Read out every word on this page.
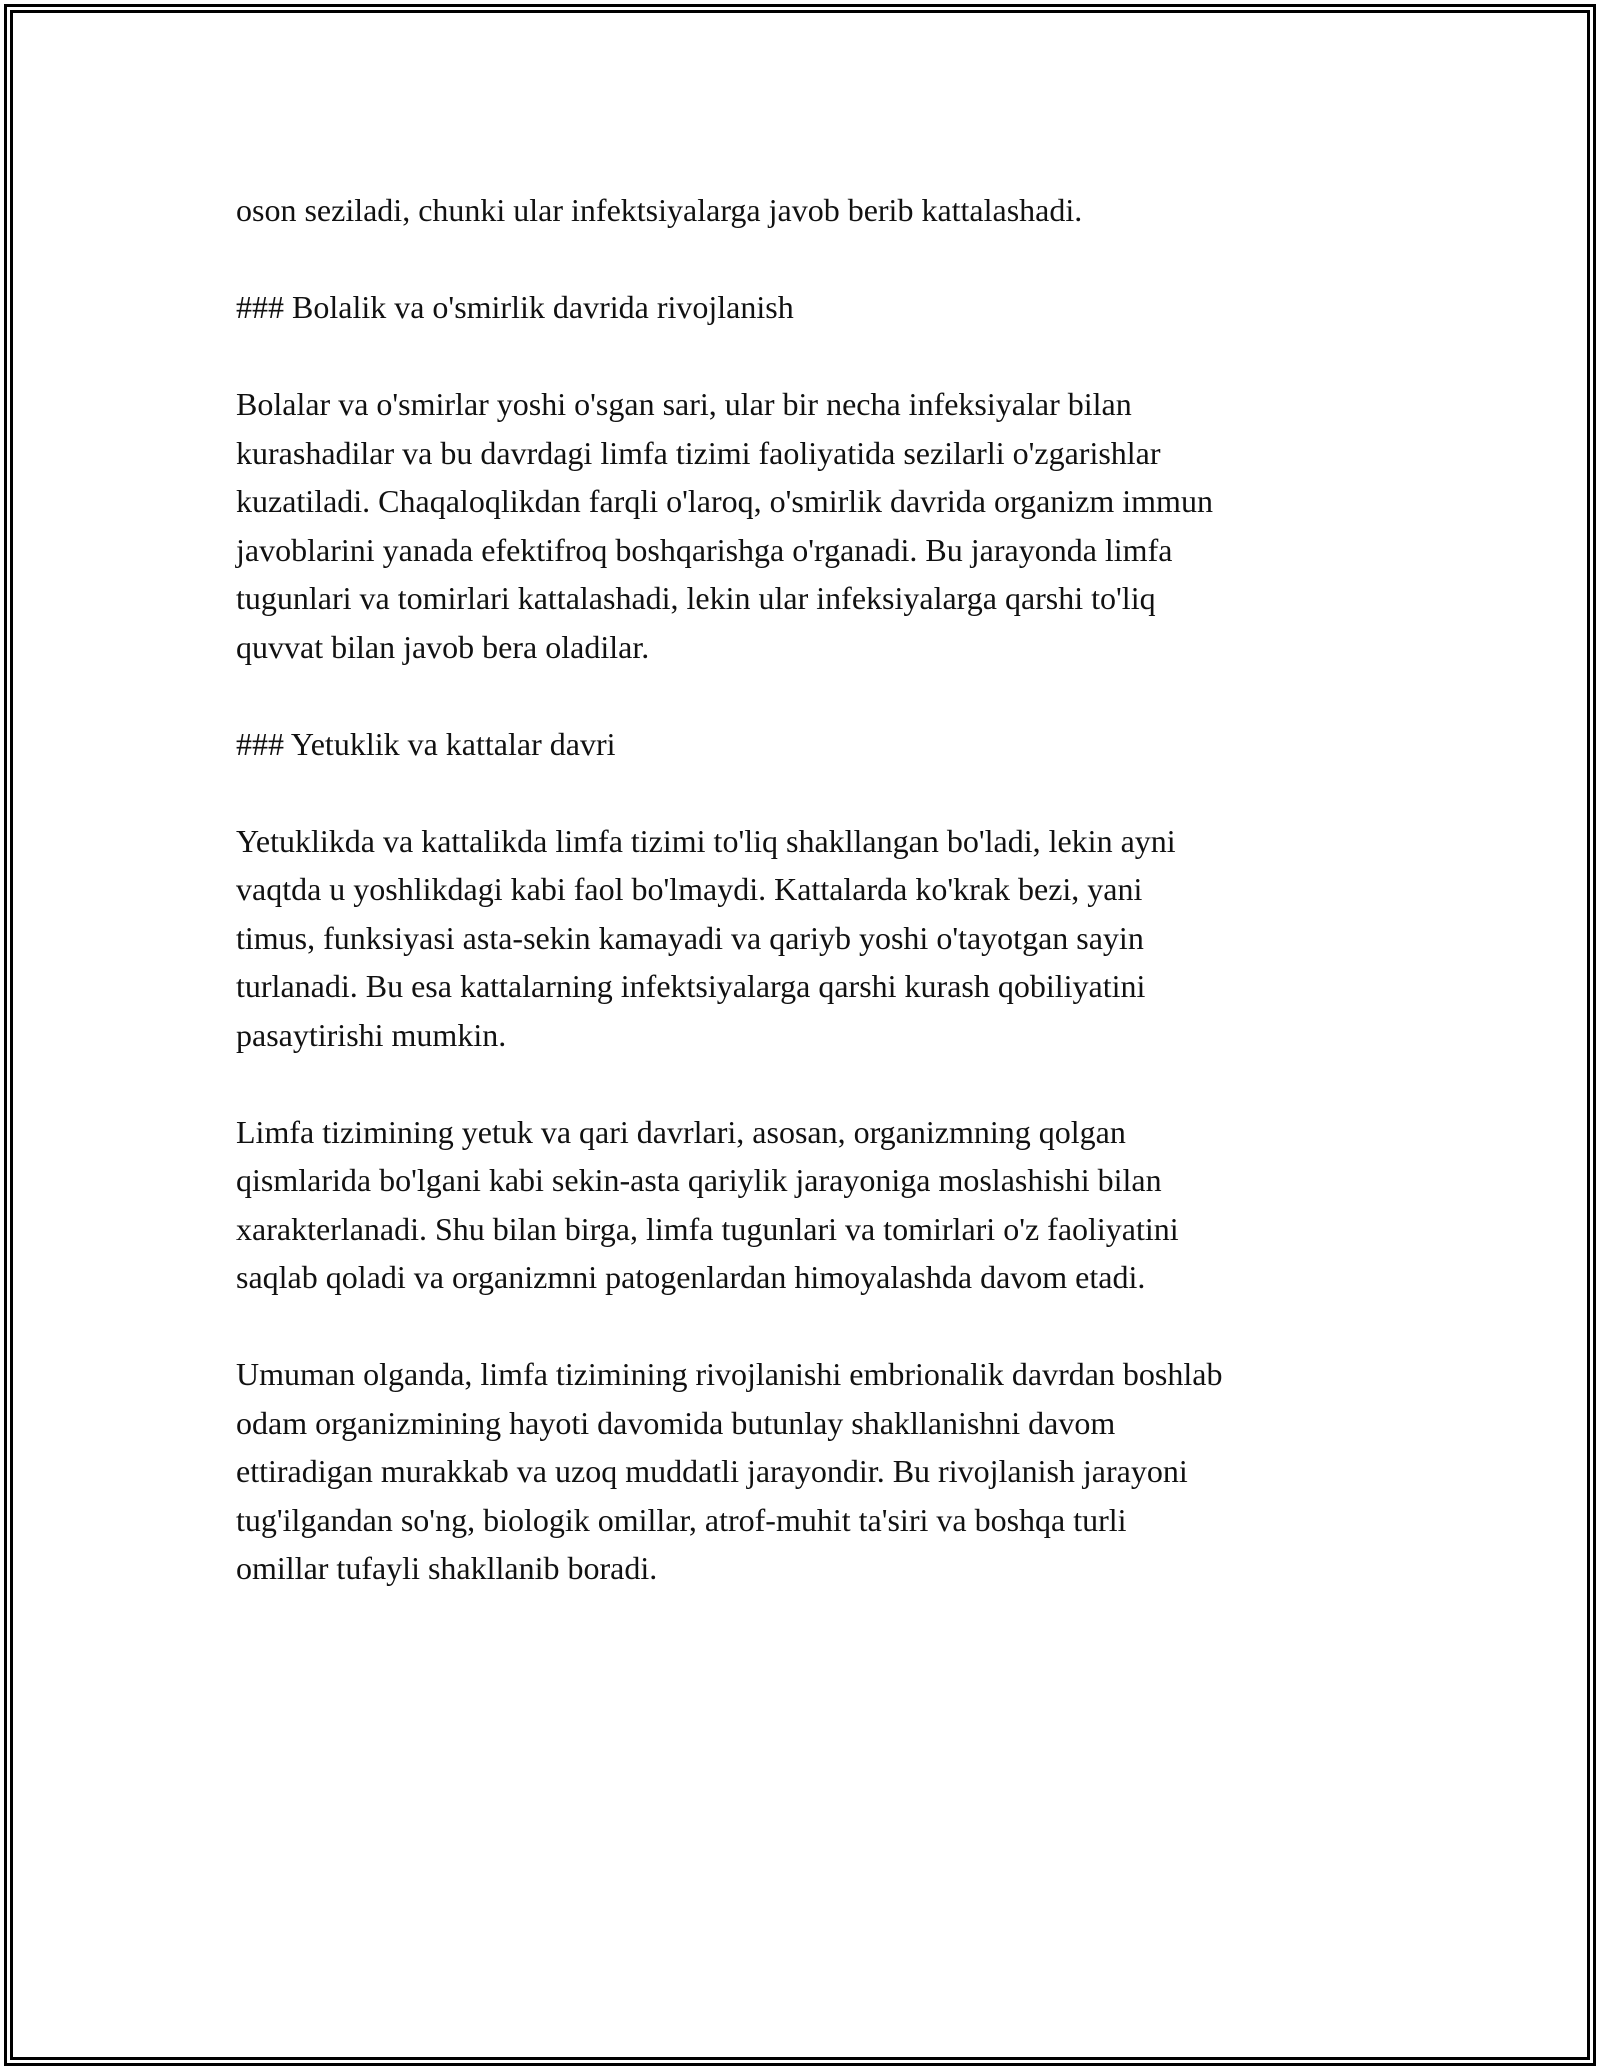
oson seziladi, chunki ular infektsiyalarga javob berib kattalashadi.

### Bolalik va o'smirlik davrida rivojlanish

Bolalar va o'smirlar yoshi o'sgan sari, ular bir necha infeksiyalar bilan
kurashadilar va bu davrdagi limfa tizimi faoliyatida sezilarli o'zgarishlar
kuzatiladi. Chaqaloqlikdan farqli o'laroq, o'smirlik davrida organizm immun
javoblarini yanada efektifroq boshqarishga o'rganadi. Bu jarayonda limfa
tugunlari va tomirlari kattalashadi, lekin ular infeksiyalarga qarshi to'liq
quvvat bilan javob bera oladilar.

### Yetuklik va kattalar davri

Yetuklikda va kattalikda limfa tizimi to'liq shakllangan bo'ladi, lekin ayni
vaqtda u yoshlikdagi kabi faol bo'lmaydi. Kattalarda ko'krak bezi, yani
timus, funksiyasi asta-sekin kamayadi va qariyb yoshi o'tayotgan sayin
turlanadi. Bu esa kattalarning infektsiyalarga qarshi kurash qobiliyatini
pasaytirishi mumkin.

Limfa tizimining yetuk va qari davrlari, asosan, organizmning qolgan
qismlarida bo'lgani kabi sekin-asta qariylik jarayoniga moslashishi bilan
xarakterlanadi. Shu bilan birga, limfa tugunlari va tomirlari o'z faoliyatini
saqlab qoladi va organizmni patogenlardan himoyalashda davom etadi.

Umuman olganda, limfa tizimining rivojlanishi embrionalik davrdan boshlab
odam organizmining hayoti davomida butunlay shakllanishni davom
ettiradigan murakkab va uzoq muddatli jarayondir. Bu rivojlanish jarayoni
tug'ilgandan so'ng, biologik omillar, atrof-muhit ta'siri va boshqa turli
omillar tufayli shakllanib boradi.
